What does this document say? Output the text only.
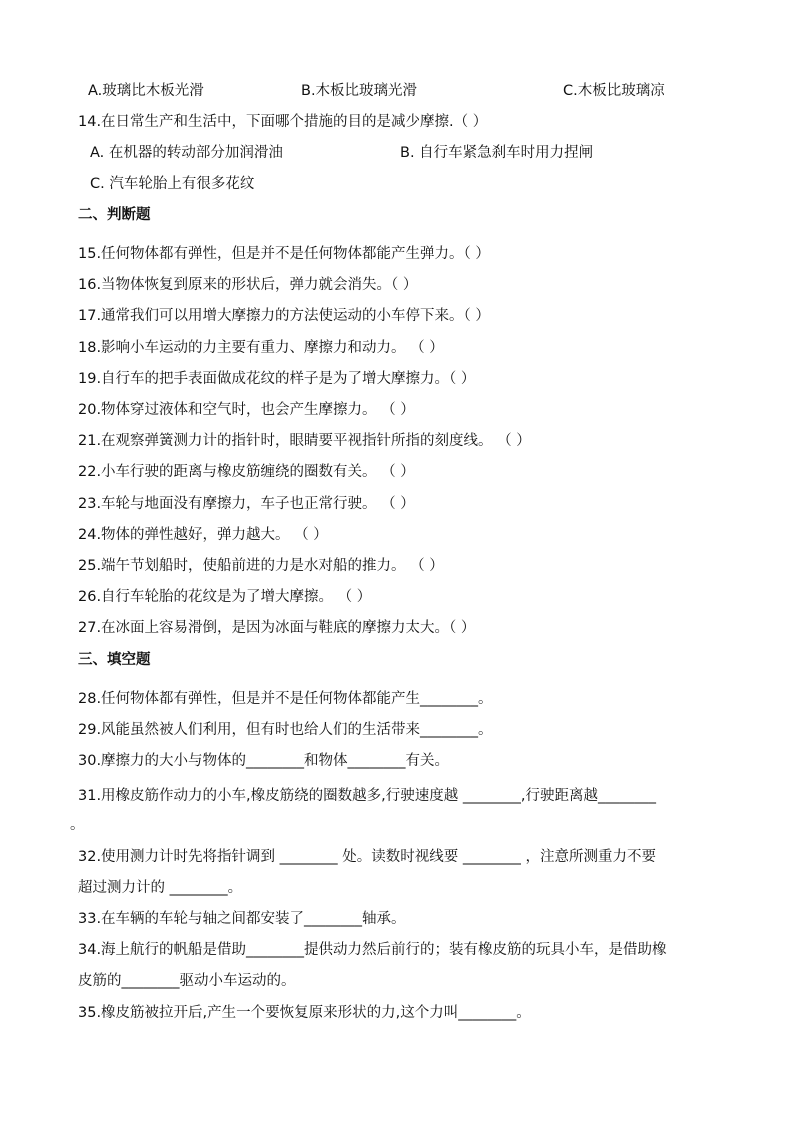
A.玻璃比木板光滑	B.木板比玻璃光滑	C.木板比玻璃凉
14.在日常生产和生活中，下面哪个措施的目的是减少摩擦.（ ）
A. 在机器的转动部分加润滑油	B. 自行车紧急刹车时用力捏闸
C. 汽车轮胎上有很多花纹
二、判断题
15.任何物体都有弹性，但是并不是任何物体都能产生弹力。（ ）
16.当物体恢复到原来的形状后，弹力就会消失。（ ）
17.通常我们可以用增大摩擦力的方法使运动的小车停下来。（ ）
18.影响小车运动的力主要有重力、摩擦力和动力。 （ ）
19.自行车的把手表面做成花纹的样子是为了增大摩擦力。（ ）
20.物体穿过液体和空气时，也会产生摩擦力。 （ ）
21.在观察弹簧测力计的指针时，眼睛要平视指针所指的刻度线。 （ ）
22.小车行驶的距离与橡皮筋缠绕的圈数有关。 （ ）
23.车轮与地面没有摩擦力，车子也正常行驶。 （ ）
24.物体的弹性越好，弹力越大。 （ ）
25.端午节划船时，使船前进的力是水对船的推力。 （ ）
26.自行车轮胎的花纹是为了增大摩擦。 （ ）
27.在冰面上容易滑倒，是因为冰面与鞋底的摩擦力太大。（ ）
三、填空题
28.任何物体都有弹性，但是并不是任何物体都能产生________。
29.风能虽然被人们利用，但有时也给人们的生活带来________。
30.摩擦力的大小与物体的________和物体________有关。
31.用橡皮筋作动力的小车,橡皮筋绕的圈数越多,行驶速度越 ________,行驶距离越________
。
32.使用测力计时先将指针调到 ________ 处。读数时视线要 ________ ，注意所测重力不要
超过测力计的 ________。
33.在车辆的车轮与轴之间都安装了________轴承。
34.海上航行的帆船是借助________提供动力然后前行的；装有橡皮筋的玩具小车，是借助橡
皮筋的________驱动小车运动的。
35.橡皮筋被拉开后,产生一个要恢复原来形状的力,这个力叫________。
